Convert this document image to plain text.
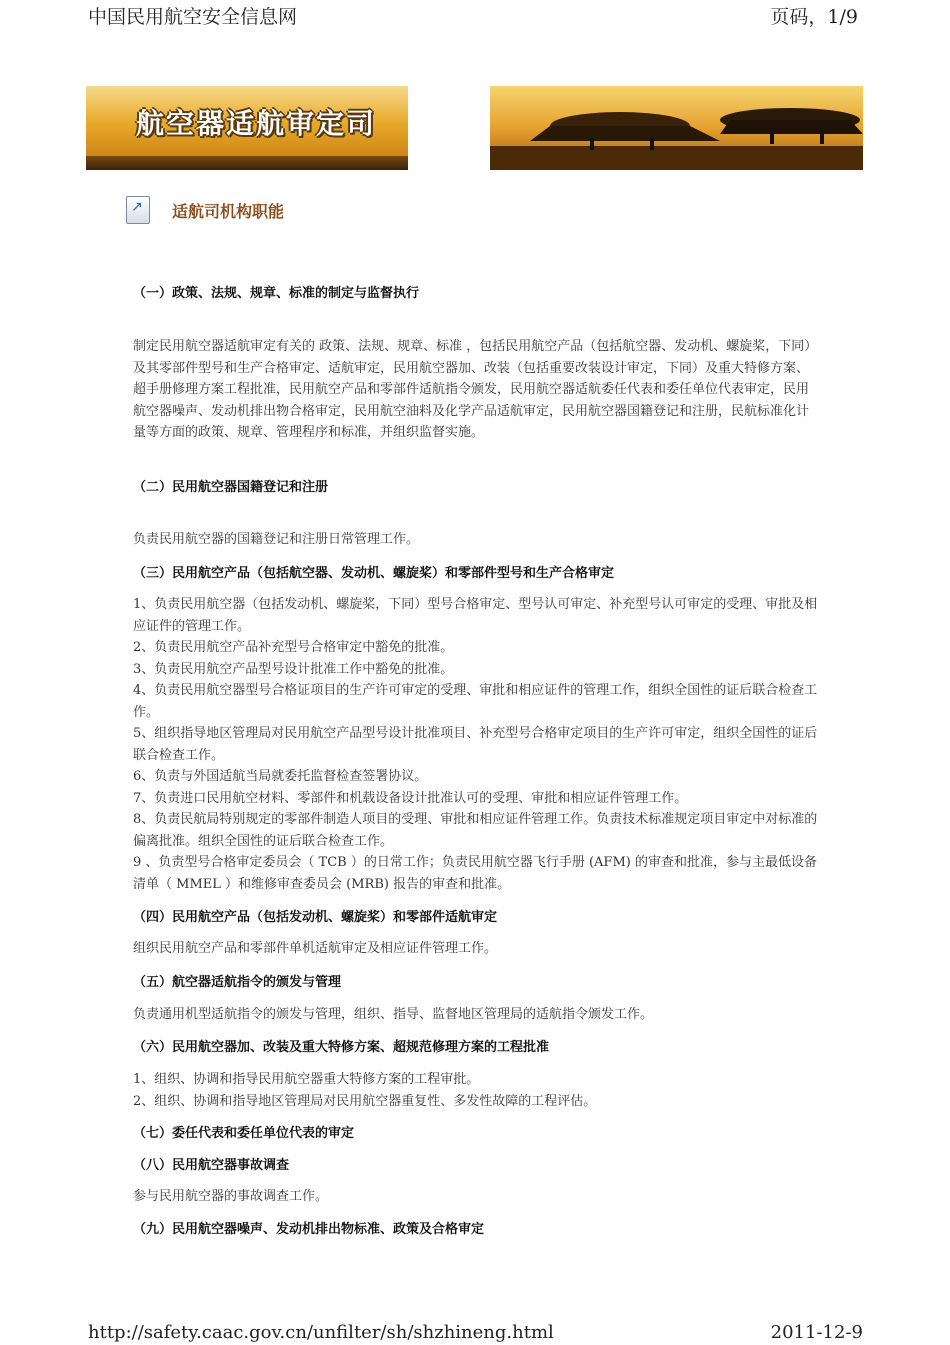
中国民用航空安全信息网	页码，1/9
航空器适航审定司
↗
适航司机构职能
（一）政策、法规、规章、标准的制定与监督执行
制定民用航空器适航审定有关的 政策、法规、规章、标准 ，包括民用航空产品（包括航空器、发动机、螺旋桨，下同）及其零部件型号和生产合格审定、适航审定，民用航空器加、改装（包括重要改装设计审定，下同）及重大特修方案、超手册修理方案工程批准，民用航空产品和零部件适航指令颁发，民用航空器适航委任代表和委任单位代表审定，民用航空器噪声、发动机排出物合格审定，民用航空油料及化学产品适航审定，民用航空器国籍登记和注册，民航标准化计量等方面的政策、规章、管理程序和标准，并组织监督实施。
（二）民用航空器国籍登记和注册
负责民用航空器的国籍登记和注册日常管理工作。
（三）民用航空产品（包括航空器、发动机、螺旋桨）和零部件型号和生产合格审定
1、负责民用航空器（包括发动机、螺旋桨，下同）型号合格审定、型号认可审定、补充型号认可审定的受理、审批及相应证件的管理工作。
2、负责民用航空产品补充型号合格审定中豁免的批准。
3、负责民用航空产品型号设计批准工作中豁免的批准。
4、负责民用航空器型号合格证项目的生产许可审定的受理、审批和相应证件的管理工作，组织全国性的证后联合检查工作。
5、组织指导地区管理局对民用航空产品型号设计批准项目、补充型号合格审定项目的生产许可审定，组织全国性的证后联合检查工作。
6、负责与外国适航当局就委托监督检查签署协议。
7、负责进口民用航空材料、零部件和机载设备设计批准认可的受理、审批和相应证件管理工作。
8、负责民航局特别规定的零部件制造人项目的受理、审批和相应证件管理工作。负责技术标准规定项目审定中对标准的偏离批准。组织全国性的证后联合检查工作。
9 、负责型号合格审定委员会（ TCB ）的日常工作；负责民用航空器飞行手册 (AFM) 的审查和批准，参与主最低设备清单（ MMEL ）和维修审查委员会 (MRB) 报告的审查和批准。
（四）民用航空产品（包括发动机、螺旋桨）和零部件适航审定
组织民用航空产品和零部件单机适航审定及相应证件管理工作。
（五）航空器适航指令的颁发与管理
负责通用机型适航指令的颁发与管理，组织、指导、监督地区管理局的适航指令颁发工作。
（六）民用航空器加、改装及重大特修方案、超规范修理方案的工程批准
1、组织、协调和指导民用航空器重大特修方案的工程审批。
2、组织、协调和指导地区管理局对民用航空器重复性、多发性故障的工程评估。
（七）委任代表和委任单位代表的审定
（八）民用航空器事故调查
参与民用航空器的事故调查工作。
（九）民用航空器噪声、发动机排出物标准、政策及合格审定
http://safety.caac.gov.cn/unfilter/sh/shzhineng.html	2011-12-9
